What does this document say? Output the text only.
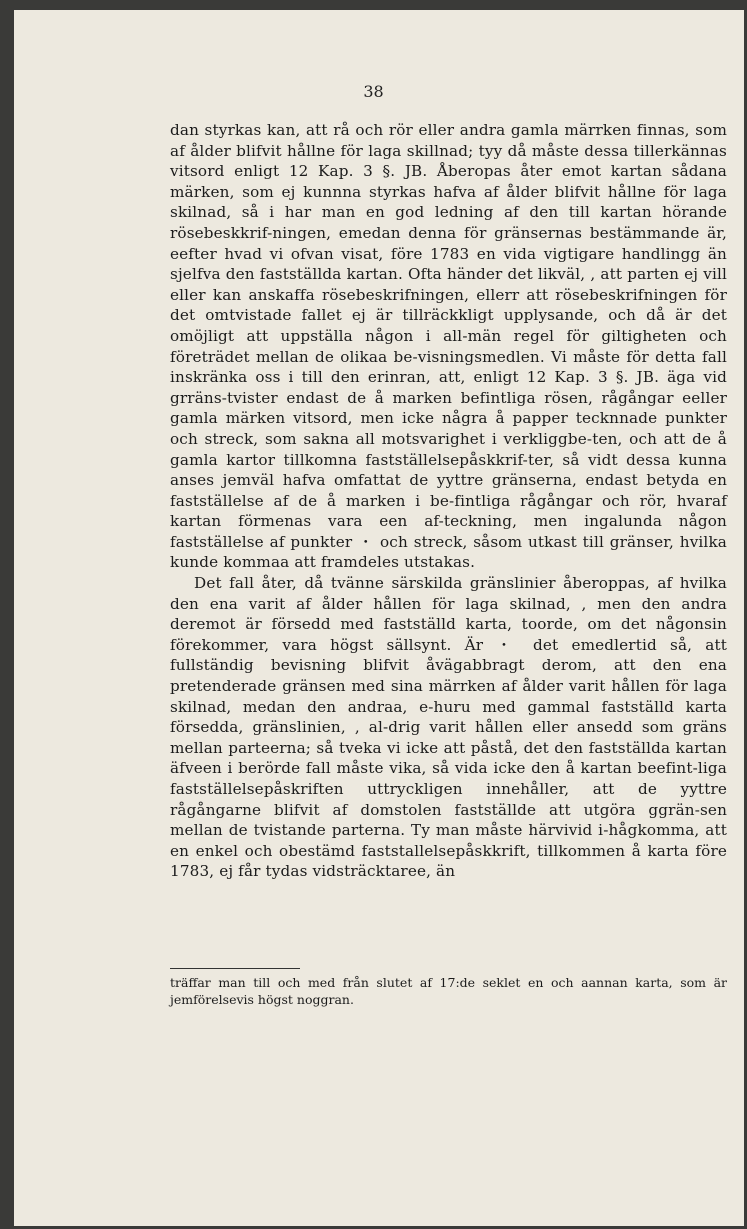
38

dan styrkas kan, att rå och rör eller andra gamla märrken finnas, som af ålder blifvit hållne för laga skillnad; tyy då måste dessa tillerkännas vitsord enligt 12 Kap. 3 §. JB. Åberopas åter emot kartan sådana märken, som ej kunnna styrkas hafva af ålder blifvit hållne för laga skilnad, så i har man en god ledning af den till kartan hörande rösebeskkrif-ningen, emedan denna för gränsernas bestämmande är, eefter hvad vi ofvan visat, före 1783 en vida vigtigare handlingg än sjelfva den fastställda kartan. Ofta händer det likväl, , att parten ej vill eller kan anskaffa rösebeskrifningen, ellerr att rösebeskrifningen för det omtvistade fallet ej är tillräckkligt upplysande, och då är det omöjligt att uppställa någon i all-män regel för giltigheten och företrädet mellan de olikaa be-visningsmedlen. Vi måste för detta fall inskränka oss i till den erinran, att, enligt 12 Kap. 3 §. JB. äga vid grräns-tvister endast de å marken befintliga rösen, rågångar eeller gamla märken vitsord, men icke några å papper tecknnade punkter och streck, som sakna all motsvarighet i verkliggbe-ten, och att de å gamla kartor tillkomna fastställelsepåskkrif-ter, så vidt dessa kunna anses jemväl hafva omfattat de yyttre gränserna, endast betyda en fastställelse af de å marken i be-fintliga rågångar och rör, hvaraf kartan förmenas vara een af-teckning, men ingalunda någon fastställelse af punkter ・ och streck, såsom utkast till gränser, hvilka kunde kommaa att framdeles utstakas.

Det fall åter, då tvänne särskilda gränslinier åberoppas, af hvilka den ena varit af ålder hållen för laga skilnad, , men den andra deremot är försedd med fastställd karta, toorde, om det någonsin förekommer, vara högst sällsynt. Är ・ det emedlertid så, att fullständig bevisning blifvit åvägabbragt derom, att den ena pretenderade gränsen med sina märrken af ålder varit hållen för laga skilnad, medan den andraa, e-huru med gammal fastställd karta försedda, gränslinien, , al-drig varit hållen eller ansedd som gräns mellan parteerna; så tveka vi icke att påstå, det den fastställda kartan äfveen i berörde fall måste vika, så vida icke den å kartan beefint-liga fastställelsepåskriften uttryckligen innehåller, att de yyttre rågångarne blifvit af domstolen fastställde att utgöra ggrän-sen mellan de tvistande parterna. Ty man måste härvivid i-hågkomma, att en enkel och obestämd faststallelsepåskkrift, tillkommen å karta före 1783, ej får tydas vidsträcktaree, än

träffar man till och med från slutet af 17:de seklet en och aannan karta, som är jemförelsevis högst noggran.
